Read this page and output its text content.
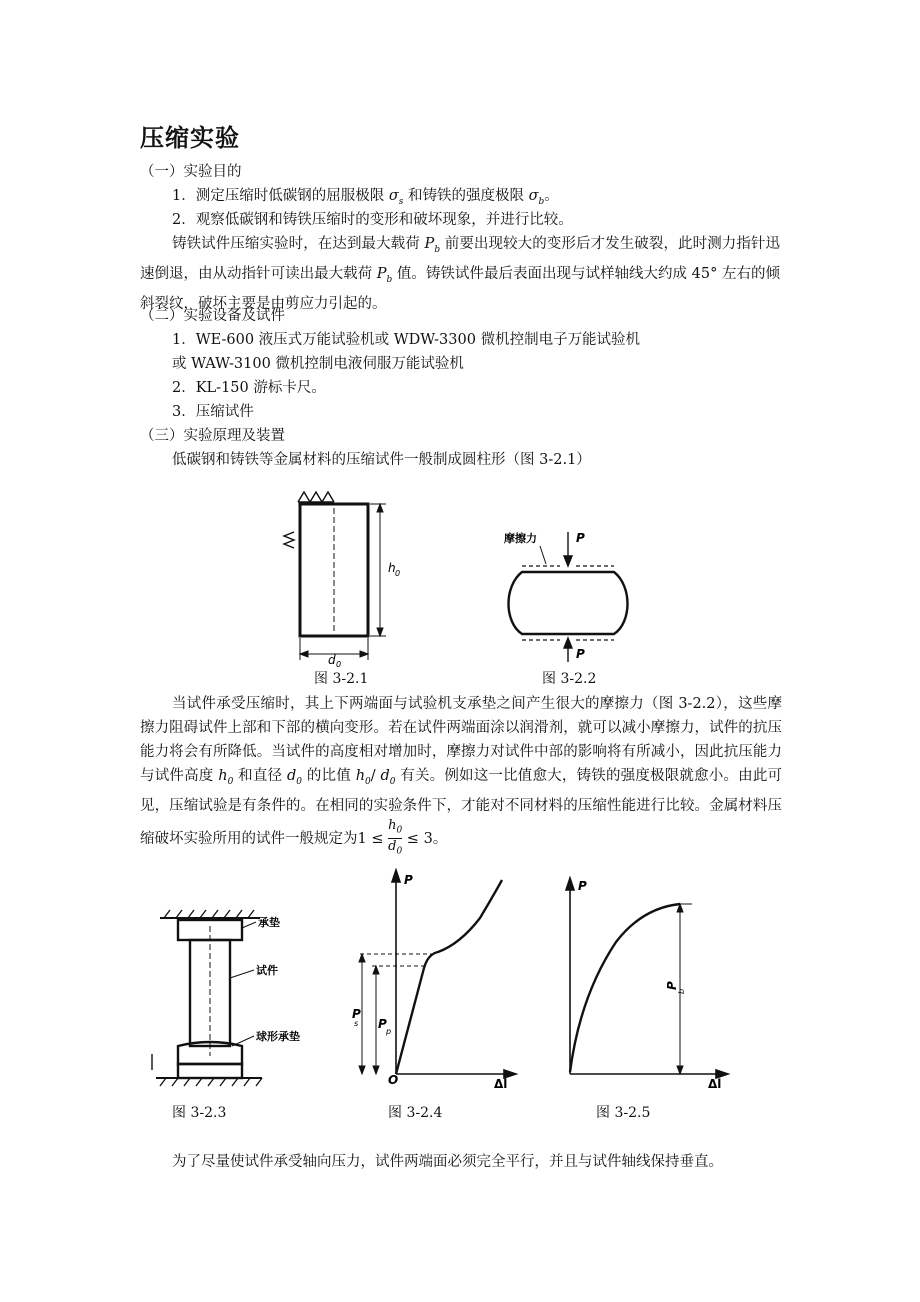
压缩实验
（一）实验目的
1．测定压缩时低碳钢的屈服极限 $\sigma_s$ 和铸铁的强度极限 $\sigma_b$。
2．观察低碳钢和铸铁压缩时的变形和破坏现象，并进行比较。
铸铁试件压缩实验时，在达到最大载荷 $P_b$ 前要出现较大的变形后才发生破裂，此时测力指针迅速倒退，由从动指针可读出最大载荷 $P_b$ 值。铸铁试件最后表面出现与试样轴线大约成 45° 左右的倾斜裂纹，破坏主要是由剪应力引起的。
（二）实验设备及试件
1．WE-600 液压式万能试验机或 WDW-3300 微机控制电子万能试验机
或 WAW-3100 微机控制电液伺服万能试验机
2．KL-150 游标卡尺。
3．压缩试件
（三）实验原理及装置
低碳钢和铸铁等金属材料的压缩试件一般制成圆柱形（图 3-2.1）
h 0
d 0
图 3-2.1
摩擦力	P
P
图 3-2.2
当试件承受压缩时，其上下两端面与试验机支承垫之间产生很大的摩擦力（图 3-2.2），这些摩擦力阻碍试件上部和下部的横向变形。若在试件两端面涂以润滑剂，就可以减小摩擦力，试件的抗压能力将会有所降低。当试件的高度相对增加时，摩擦力对试件中部的影响将有所减小，因此抗压能力与试件高度 $h_0$ 和直径 $d_0$ 的比值 $h_0/$ $d_0$ 有关。例如这一比值愈大，铸铁的强度极限就愈小。由此可见，压缩试验是有条件的。在相同的实验条件下，才能对不同材料的压缩性能进行比较。金属材料压缩破坏实验所用的试件一般规定为$1 \le \frac{h_0}{d_0} \le 3$。
承垫
试件
球形承垫
图 3-2.3
P
Δl
O
P
s P
p
图 3-2.4
P
Δl
P
b
图 3-2.5
为了尽量使试件承受轴向压力，试件两端面必须完全平行，并且与试件轴线保持垂直。
